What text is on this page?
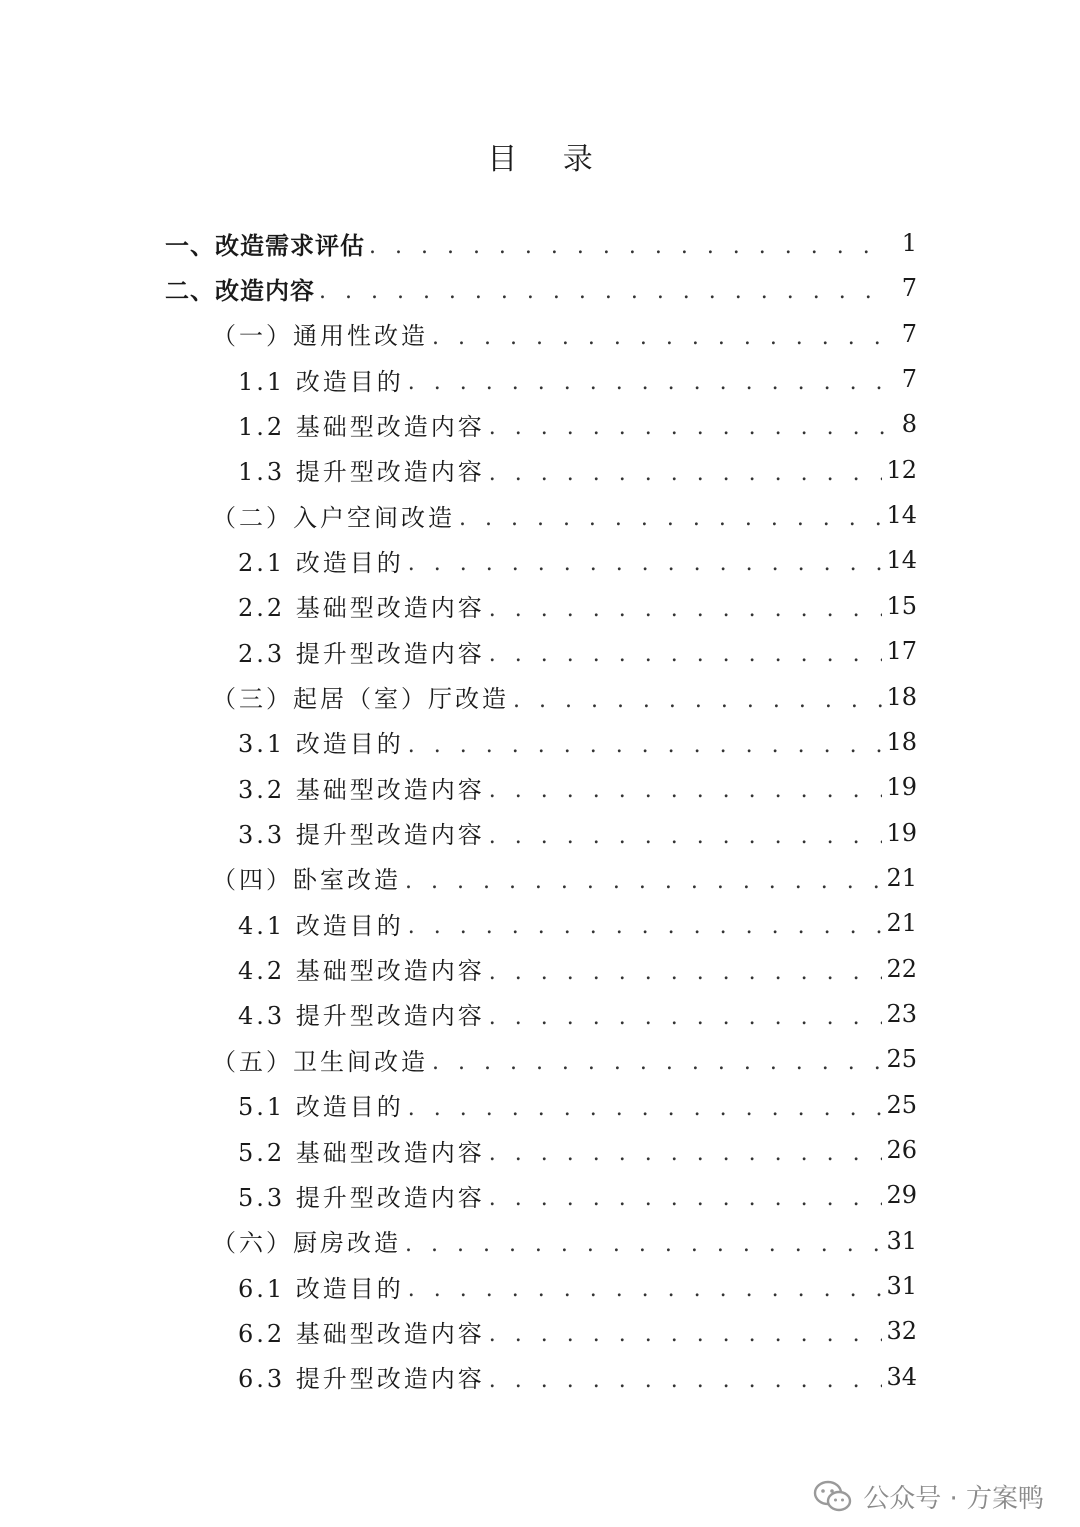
目 录
一、改造需求评估 . . .	1
二、改造内容 . . .	7
（一）通用性改造 . . .	7
1.1 改造目的 . . .	7
1.2 基础型改造内容 . . .	8
1.3 提升型改造内容 . . .	12
（二）入户空间改造 . . .	14
2.1 改造目的 . . .	14
2.2 基础型改造内容 . . .	15
2.3 提升型改造内容 . . .	17
（三）起居（室）厅改造 . . .	18
3.1 改造目的 . . .	18
3.2 基础型改造内容 . . .	19
3.3 提升型改造内容 . . .	19
（四）卧室改造 . . .	21
4.1 改造目的 . . .	21
4.2 基础型改造内容 . . .	22
4.3 提升型改造内容 . . .	23
（五）卫生间改造 . . .	25
5.1 改造目的 . . .	25
5.2 基础型改造内容 . . .	26
5.3 提升型改造内容 . . .	29
（六）厨房改造 . . .	31
6.1 改造目的 . . .	31
6.2 基础型改造内容 . . .	32
6.3 提升型改造内容 . . .	34
公众号 · 方案鸭
